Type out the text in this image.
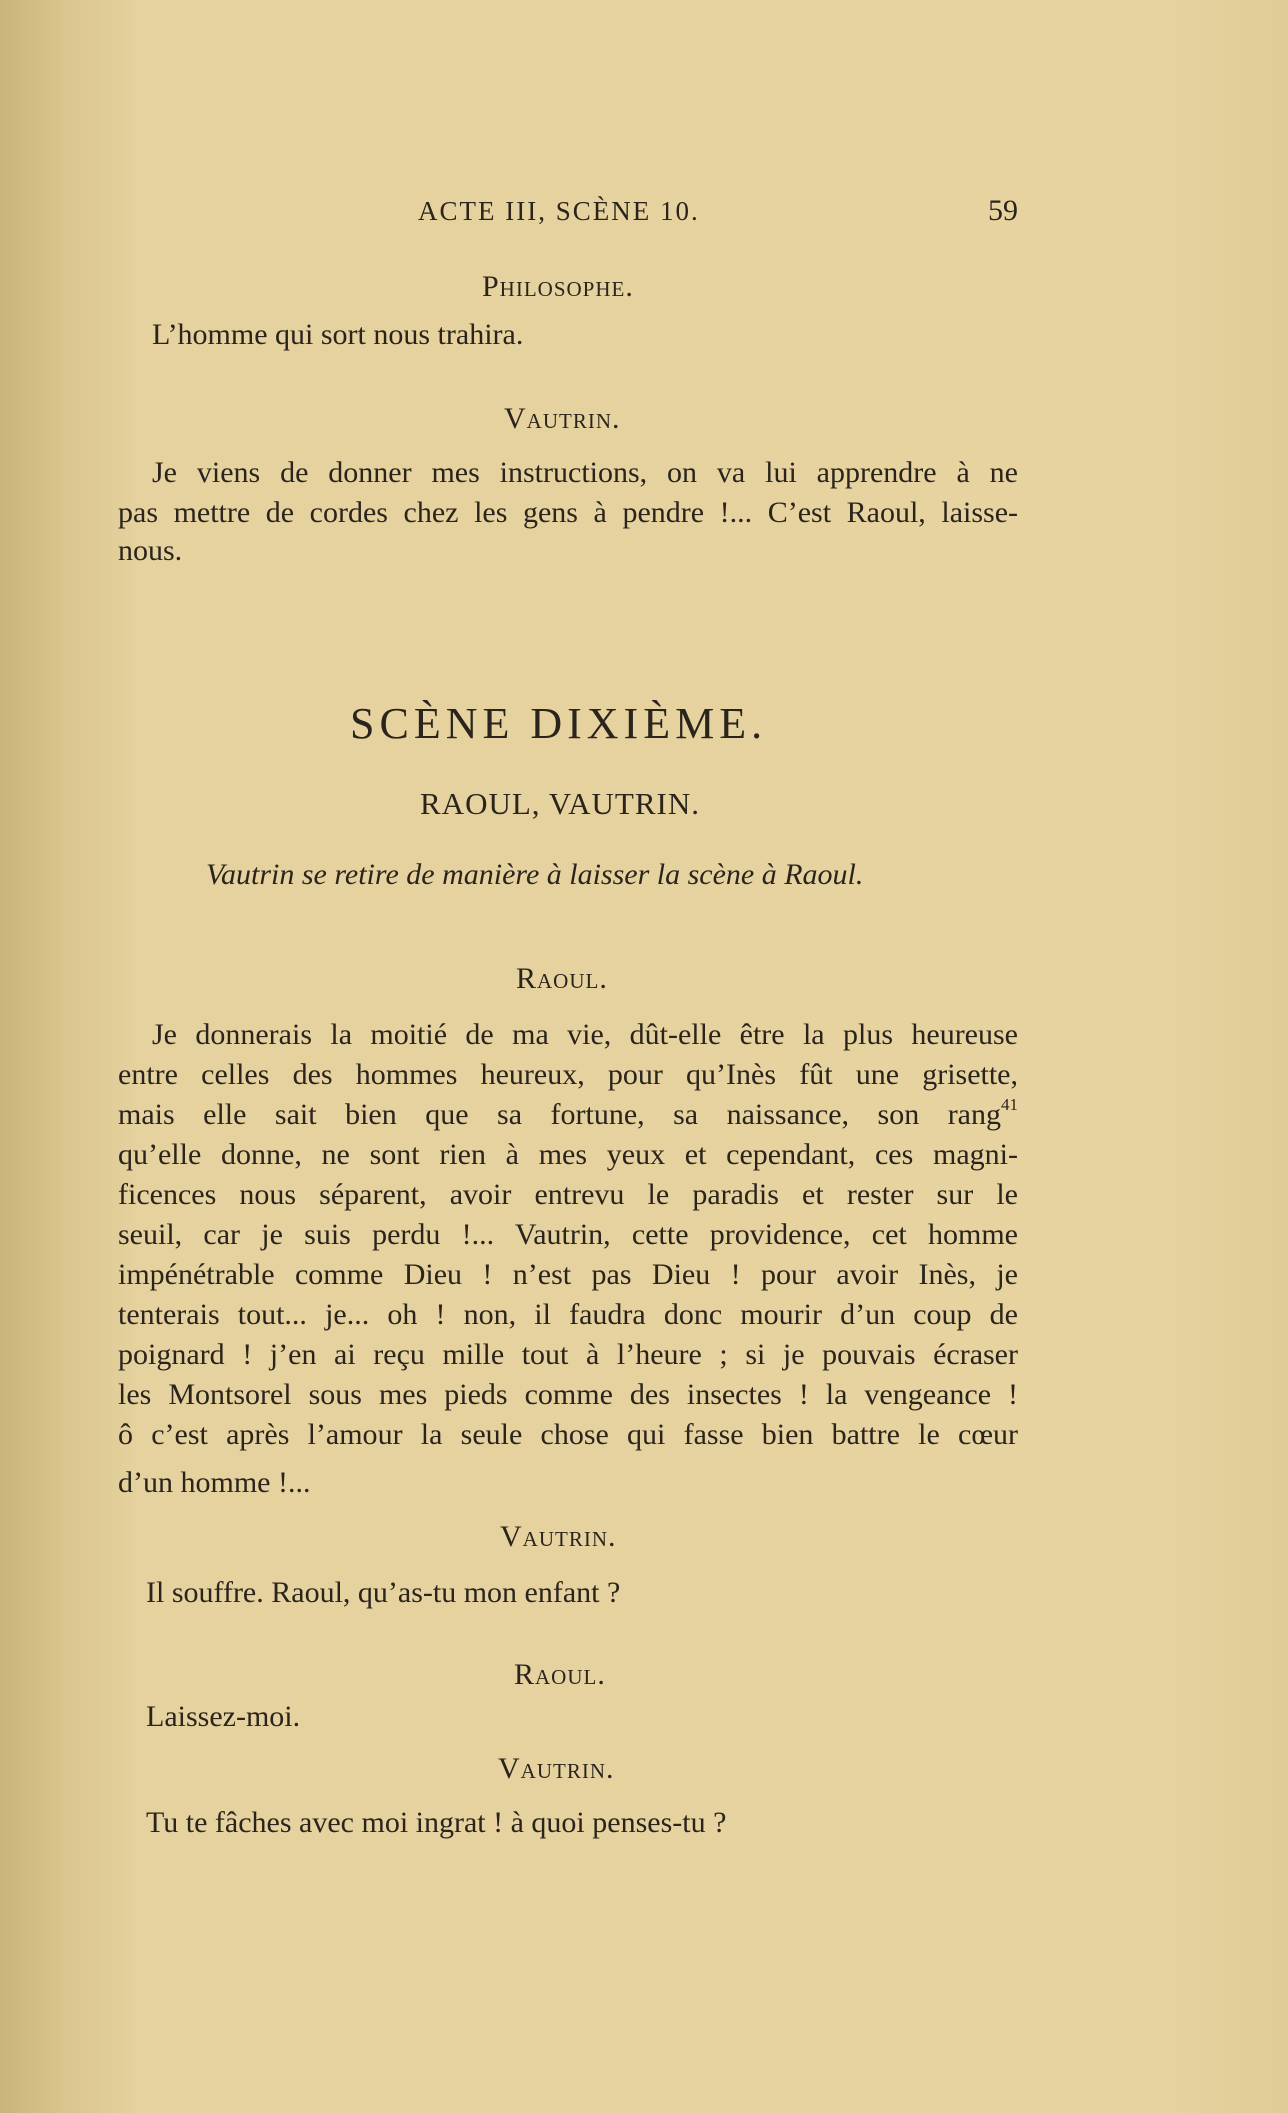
ACTE III, SCÈNE 10.	59
Philosophe.
L’homme qui sort nous trahira.
Vautrin.
Je viens de donner mes instructions, on va lui apprendre à ne
pas mettre de cordes chez les gens à pendre !... C’est Raoul, laisse-
nous.
SCÈNE DIXIÈME.
RAOUL, VAUTRIN.
Vautrin se retire de manière à laisser la scène à Raoul.
Raoul.
Je donnerais la moitié de ma vie, dût-elle être la plus heureuse
entre celles des hommes heureux, pour qu’Inès fût une grisette,
mais elle sait bien que sa fortune, sa naissance, son rang$^{41}$
qu’elle donne, ne sont rien à mes yeux et cependant, ces magni-
ficences nous séparent, avoir entrevu le paradis et rester sur le
seuil, car je suis perdu !... Vautrin, cette providence, cet homme
impénétrable comme Dieu ! n’est pas Dieu ! pour avoir Inès, je
tenterais tout... je... oh ! non, il faudra donc mourir d’un coup de
poignard ! j’en ai reçu mille tout à l’heure ; si je pouvais écraser
les Montsorel sous mes pieds comme des insectes ! la vengeance !
ô c’est après l’amour la seule chose qui fasse bien battre le cœur
d’un homme !...
Vautrin.
Il souffre. Raoul, qu’as-tu mon enfant ?
Raoul.
Laissez-moi.
Vautrin.
Tu te fâches avec moi ingrat ! à quoi penses-tu ?
